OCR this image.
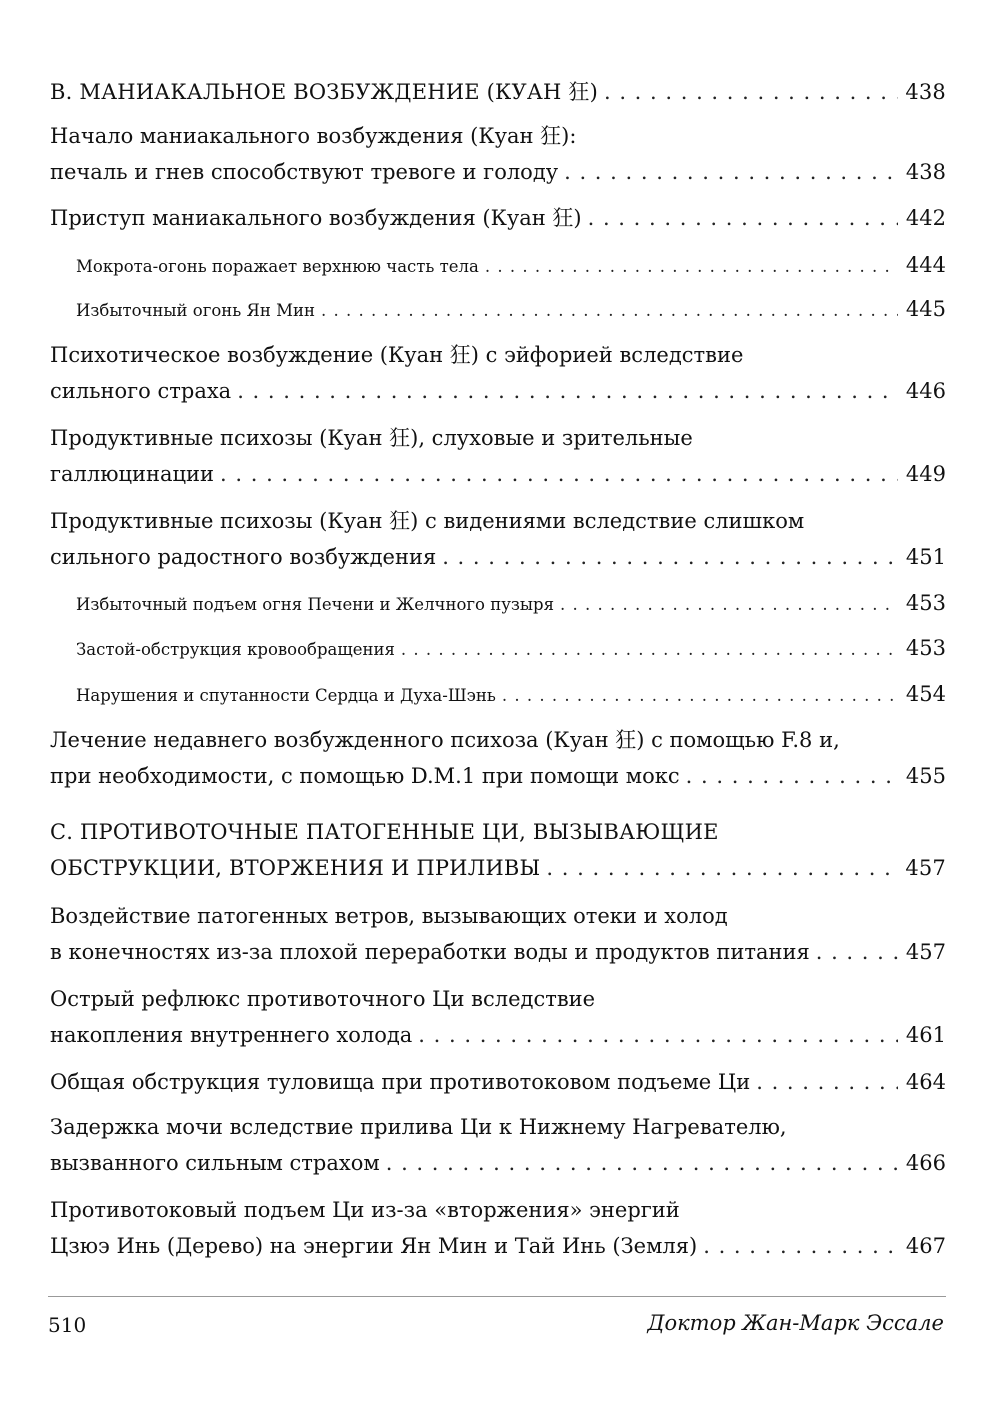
B. МАНИАКАЛЬНОЕ ВОЗБУЖДЕНИЕ (КУАН 狂) . . .	438
Начало маниакального возбуждения (Куан 狂):
печаль и гнев способствуют тревоге и голоду . . .	438
Приступ маниакального возбуждения (Куан 狂) . . .	442
Мокрота-огонь поражает верхнюю часть тела . . .	444
Избыточный огонь Ян Мин . . .	445
Психотическое возбуждение (Куан 狂) с эйфорией вследствие
сильного страха . . .	446
Продуктивные психозы (Куан 狂), слуховые и зрительные
галлюцинации . . .	449
Продуктивные психозы (Куан 狂) с видениями вследствие слишком
сильного радостного возбуждения . . .	451
Избыточный подъем огня Печени и Желчного пузыря . . .	453
Застой-обструкция кровообращения . . .	453
Нарушения и спутанности Сердца и Духа-Шэнь . . .	454
Лечение недавнего возбужденного психоза (Куан 狂) с помощью F.8 и,
при необходимости, с помощью D.M.1 при помощи мокс . . .	455
С. ПРОТИВОТОЧНЫЕ ПАТОГЕННЫЕ ЦИ, ВЫЗЫВАЮЩИЕ
ОБСТРУКЦИИ, ВТОРЖЕНИЯ И ПРИЛИВЫ . . .	457
Воздействие патогенных ветров, вызывающих отеки и холод
в конечностях из-за плохой переработки воды и продуктов питания . . .	457
Острый рефлюкс противоточного Ци вследствие
накопления внутреннего холода . . .	461
Общая обструкция туловища при противотоковом подъеме Ци . . .	464
Задержка мочи вследствие прилива Ци к Нижнему Нагревателю,
вызванного сильным страхом . . .	466
Противотоковый подъем Ци из-за «вторжения» энергий
Цзюэ Инь (Дерево) на энергии Ян Мин и Тай Инь (Земля) . . .	467
510	Доктор Жан-Марк Эссале
